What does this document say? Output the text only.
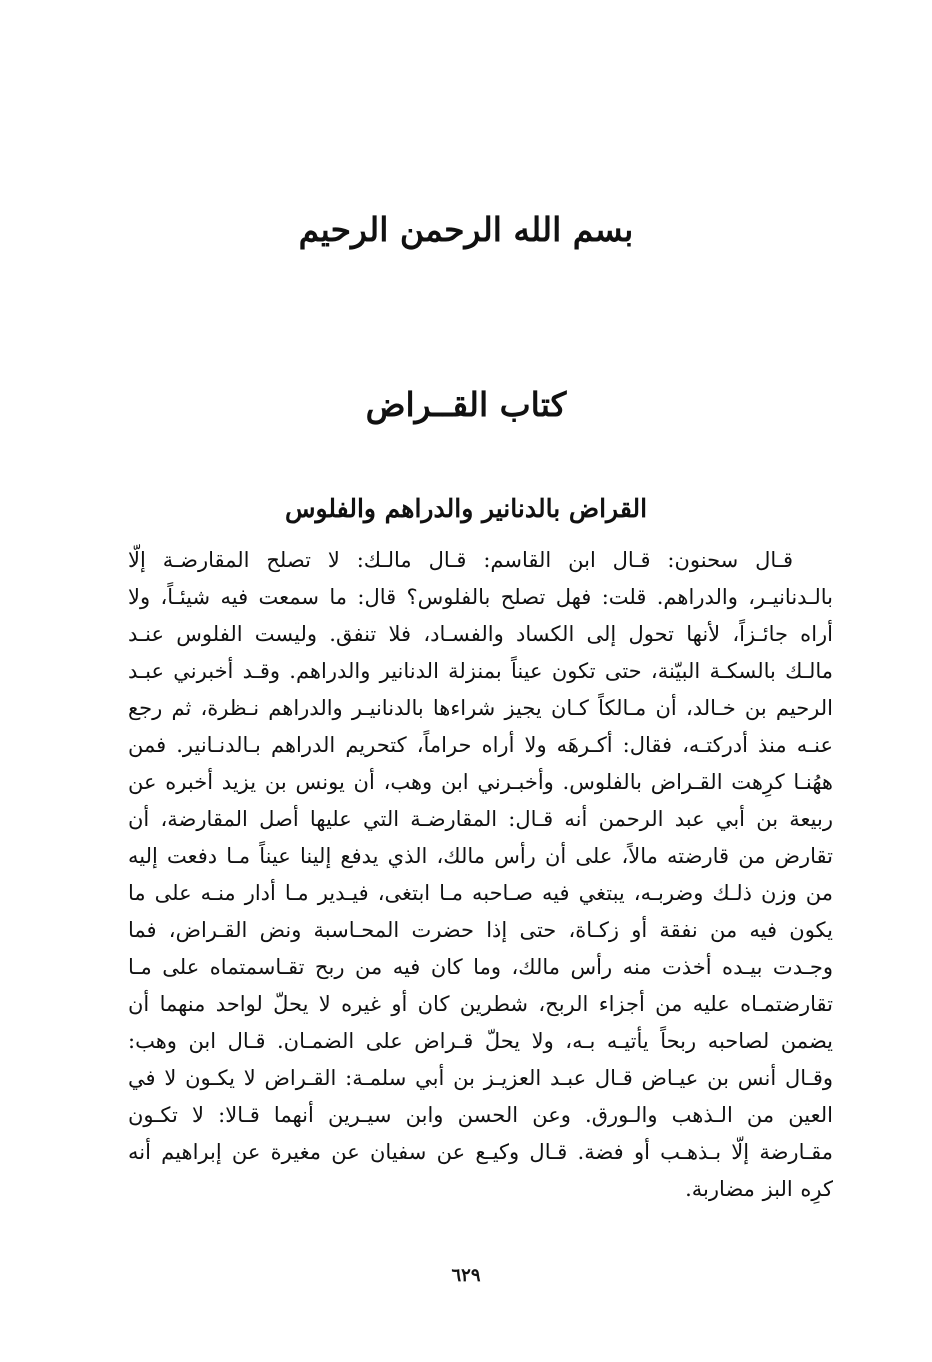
بسم الله الرحمن الرحيم
كتاب القــراض
القراض بالدنانير والدراهم والفلوس

قـال سحنون: قـال ابن القاسم: قـال مالـك: لا تصلح المقارضـة إلّا بالـدنانيـر، والدراهم. قلت: فهل تصلح بالفلوس؟ قال: ما سمعت فيه شيئـاً، ولا أراه جائـزاً، لأنها تحول إلى الكساد والفسـاد، فلا تنفق. وليست الفلوس عنـد مالـك بالسكـة البيّنة، حتى تكون عيناً بمنزلة الدنانير والدراهم. وقـد أخبرني عبـد الرحيم بن خـالد، أن مـالكاً كـان يجيز شراءها بالدنانيـر والدراهم نـظرة، ثم رجع عنـه منذ أدركتـه، فقال: أكـرهَه ولا أراه حراماً، كتحريم الدراهم بـالدنـانير. فمن ههُنـا كرِهت القـراض بالفلوس. وأخبـرني ابن وهب، أن يونس بن يزيد أخبره عن ربيعة بن أبي عبد الرحمن أنه قـال: المقارضـة التي عليها أصل المقارضة، أن تقارض من قارضته مالاً، على أن رأس مالك، الذي يدفع إلينا عيناً مـا دفعت إليه من وزن ذلـك وضربـه، يبتغي فيه صـاحبه مـا ابتغى، فيـدير مـا أدار منـه على ما يكون فيه من نفقة أو زكـاة، حتى إذا حضرت المحـاسبة ونض القـراض، فما وجـدت بيـده أخذت منه رأس مالك، وما كان فيه من ربح تقـاسمتماه على مـا تقارضتمـاه عليه من أجزاء الربح، شطرين كان أو غيره لا يحلّ لواحد منهما أن يضمن لصاحبه ربحاً يأتيـه بـه، ولا يحلّ قـراض على الضمـان. قـال ابن وهب: وقـال أنس بن عيـاض قـال عبـد العزيـز بن أبي سلمـة: القـراض لا يكـون لا في العين من الـذهب والـورق. وعن الحسن وابن سيـرين أنهما قـالا: لا تكـون مقـارضة إلّا بـذهـب أو فضة. قـال وكيـع عن سفيان عن مغيرة عن إبراهيم أنه كرِه البز مضاربة.

٦٢٩
